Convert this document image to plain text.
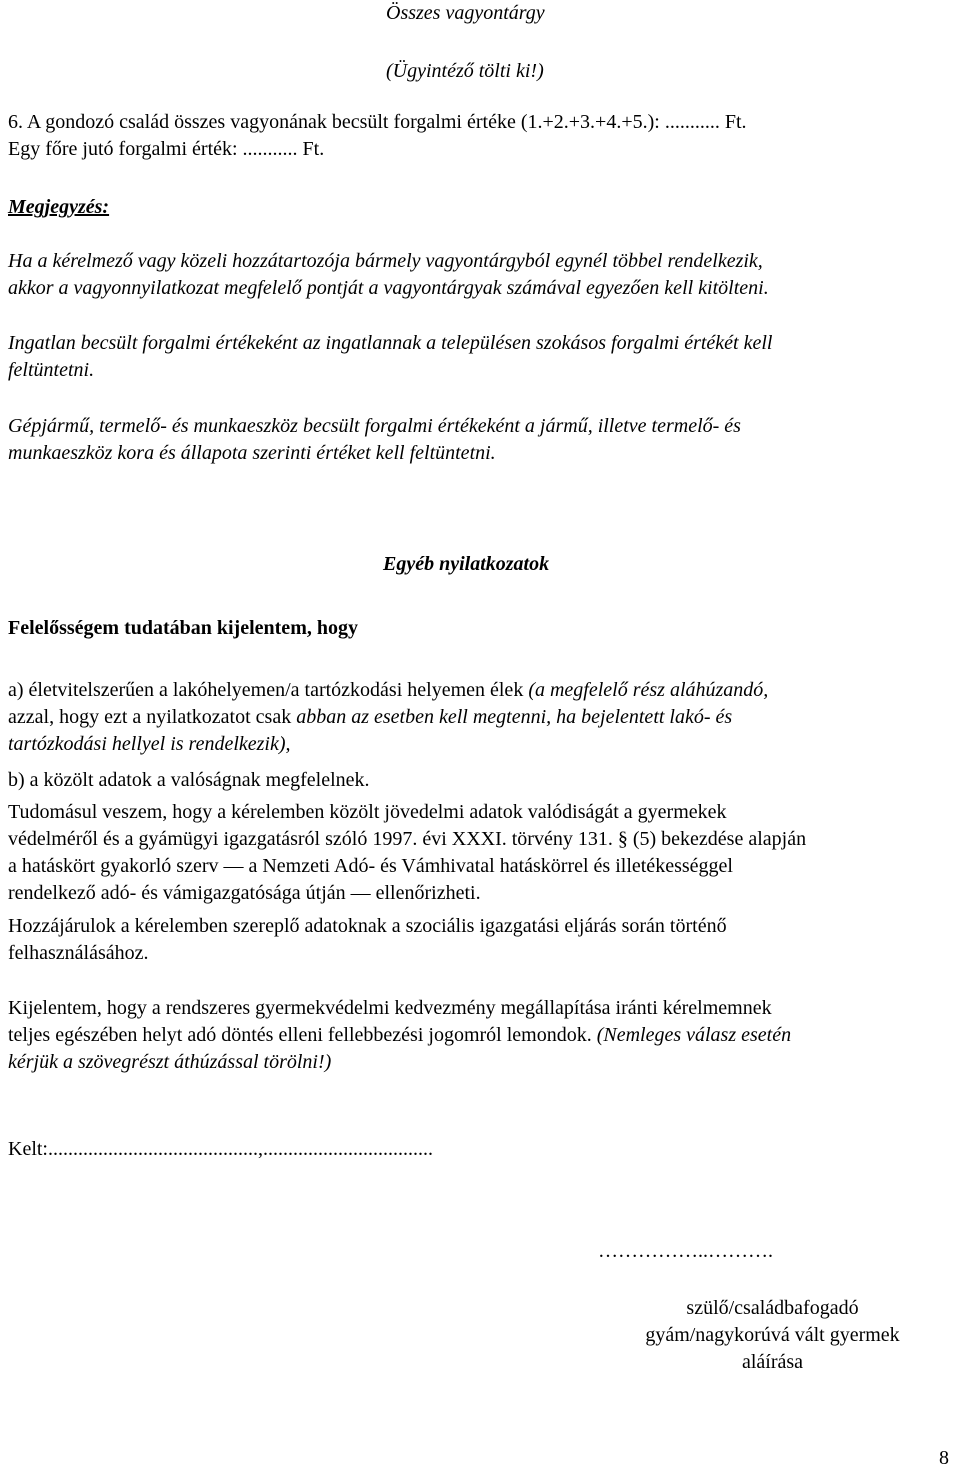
Összes vagyontárgy
(Ügyintéző tölti ki!)
6. A gondozó család összes vagyonának becsült forgalmi értéke (1.+2.+3.+4.+5.): ........... Ft.
Egy főre jutó forgalmi érték: ........... Ft.
Megjegyzés:
Ha a kérelmező vagy közeli hozzátartozója bármely vagyontárgyból egynél többel rendelkezik,
akkor a vagyonnyilatkozat megfelelő pontját a vagyontárgyak számával egyezően kell kitölteni.
Ingatlan becsült forgalmi értékeként az ingatlannak a településen szokásos forgalmi értékét kell
feltüntetni.
Gépjármű, termelő- és munkaeszköz becsült forgalmi értékeként a jármű, illetve termelő- és
munkaeszköz kora és állapota szerinti értéket kell feltüntetni.
Egyéb nyilatkozatok
Felelősségem tudatában kijelentem, hogy
a) életvitelszerűen a lakóhelyemen/a tartózkodási helyemen élek (a megfelelő rész aláhúzandó,
azzal, hogy ezt a nyilatkozatot csak abban az esetben kell megtenni, ha bejelentett lakó- és
tartózkodási hellyel is rendelkezik),
b) a közölt adatok a valóságnak megfelelnek.
Tudomásul veszem, hogy a kérelemben közölt jövedelmi adatok valódiságát a gyermekek
védelméről és a gyámügyi igazgatásról szóló 1997. évi XXXI. törvény 131. § (5) bekezdése alapján
a hatáskört gyakorló szerv — a Nemzeti Adó- és Vámhivatal hatáskörrel és illetékességgel
rendelkező adó- és vámigazgatósága útján — ellenőrizheti.
Hozzájárulok a kérelemben szereplő adatoknak a szociális igazgatási eljárás során történő
felhasználásához.
Kijelentem, hogy a rendszeres gyermekvédelmi kedvezmény megállapítása iránti kérelmemnek
teljes egészében helyt adó döntés elleni fellebbezési jogomról lemondok. (Nemleges válasz esetén
kérjük a szövegrészt áthúzással törölni!)
Kelt:..........................................,..................................
……………..……….
szülő/családbafogadó
gyám/nagykorúvá vált gyermek
aláírása
8
